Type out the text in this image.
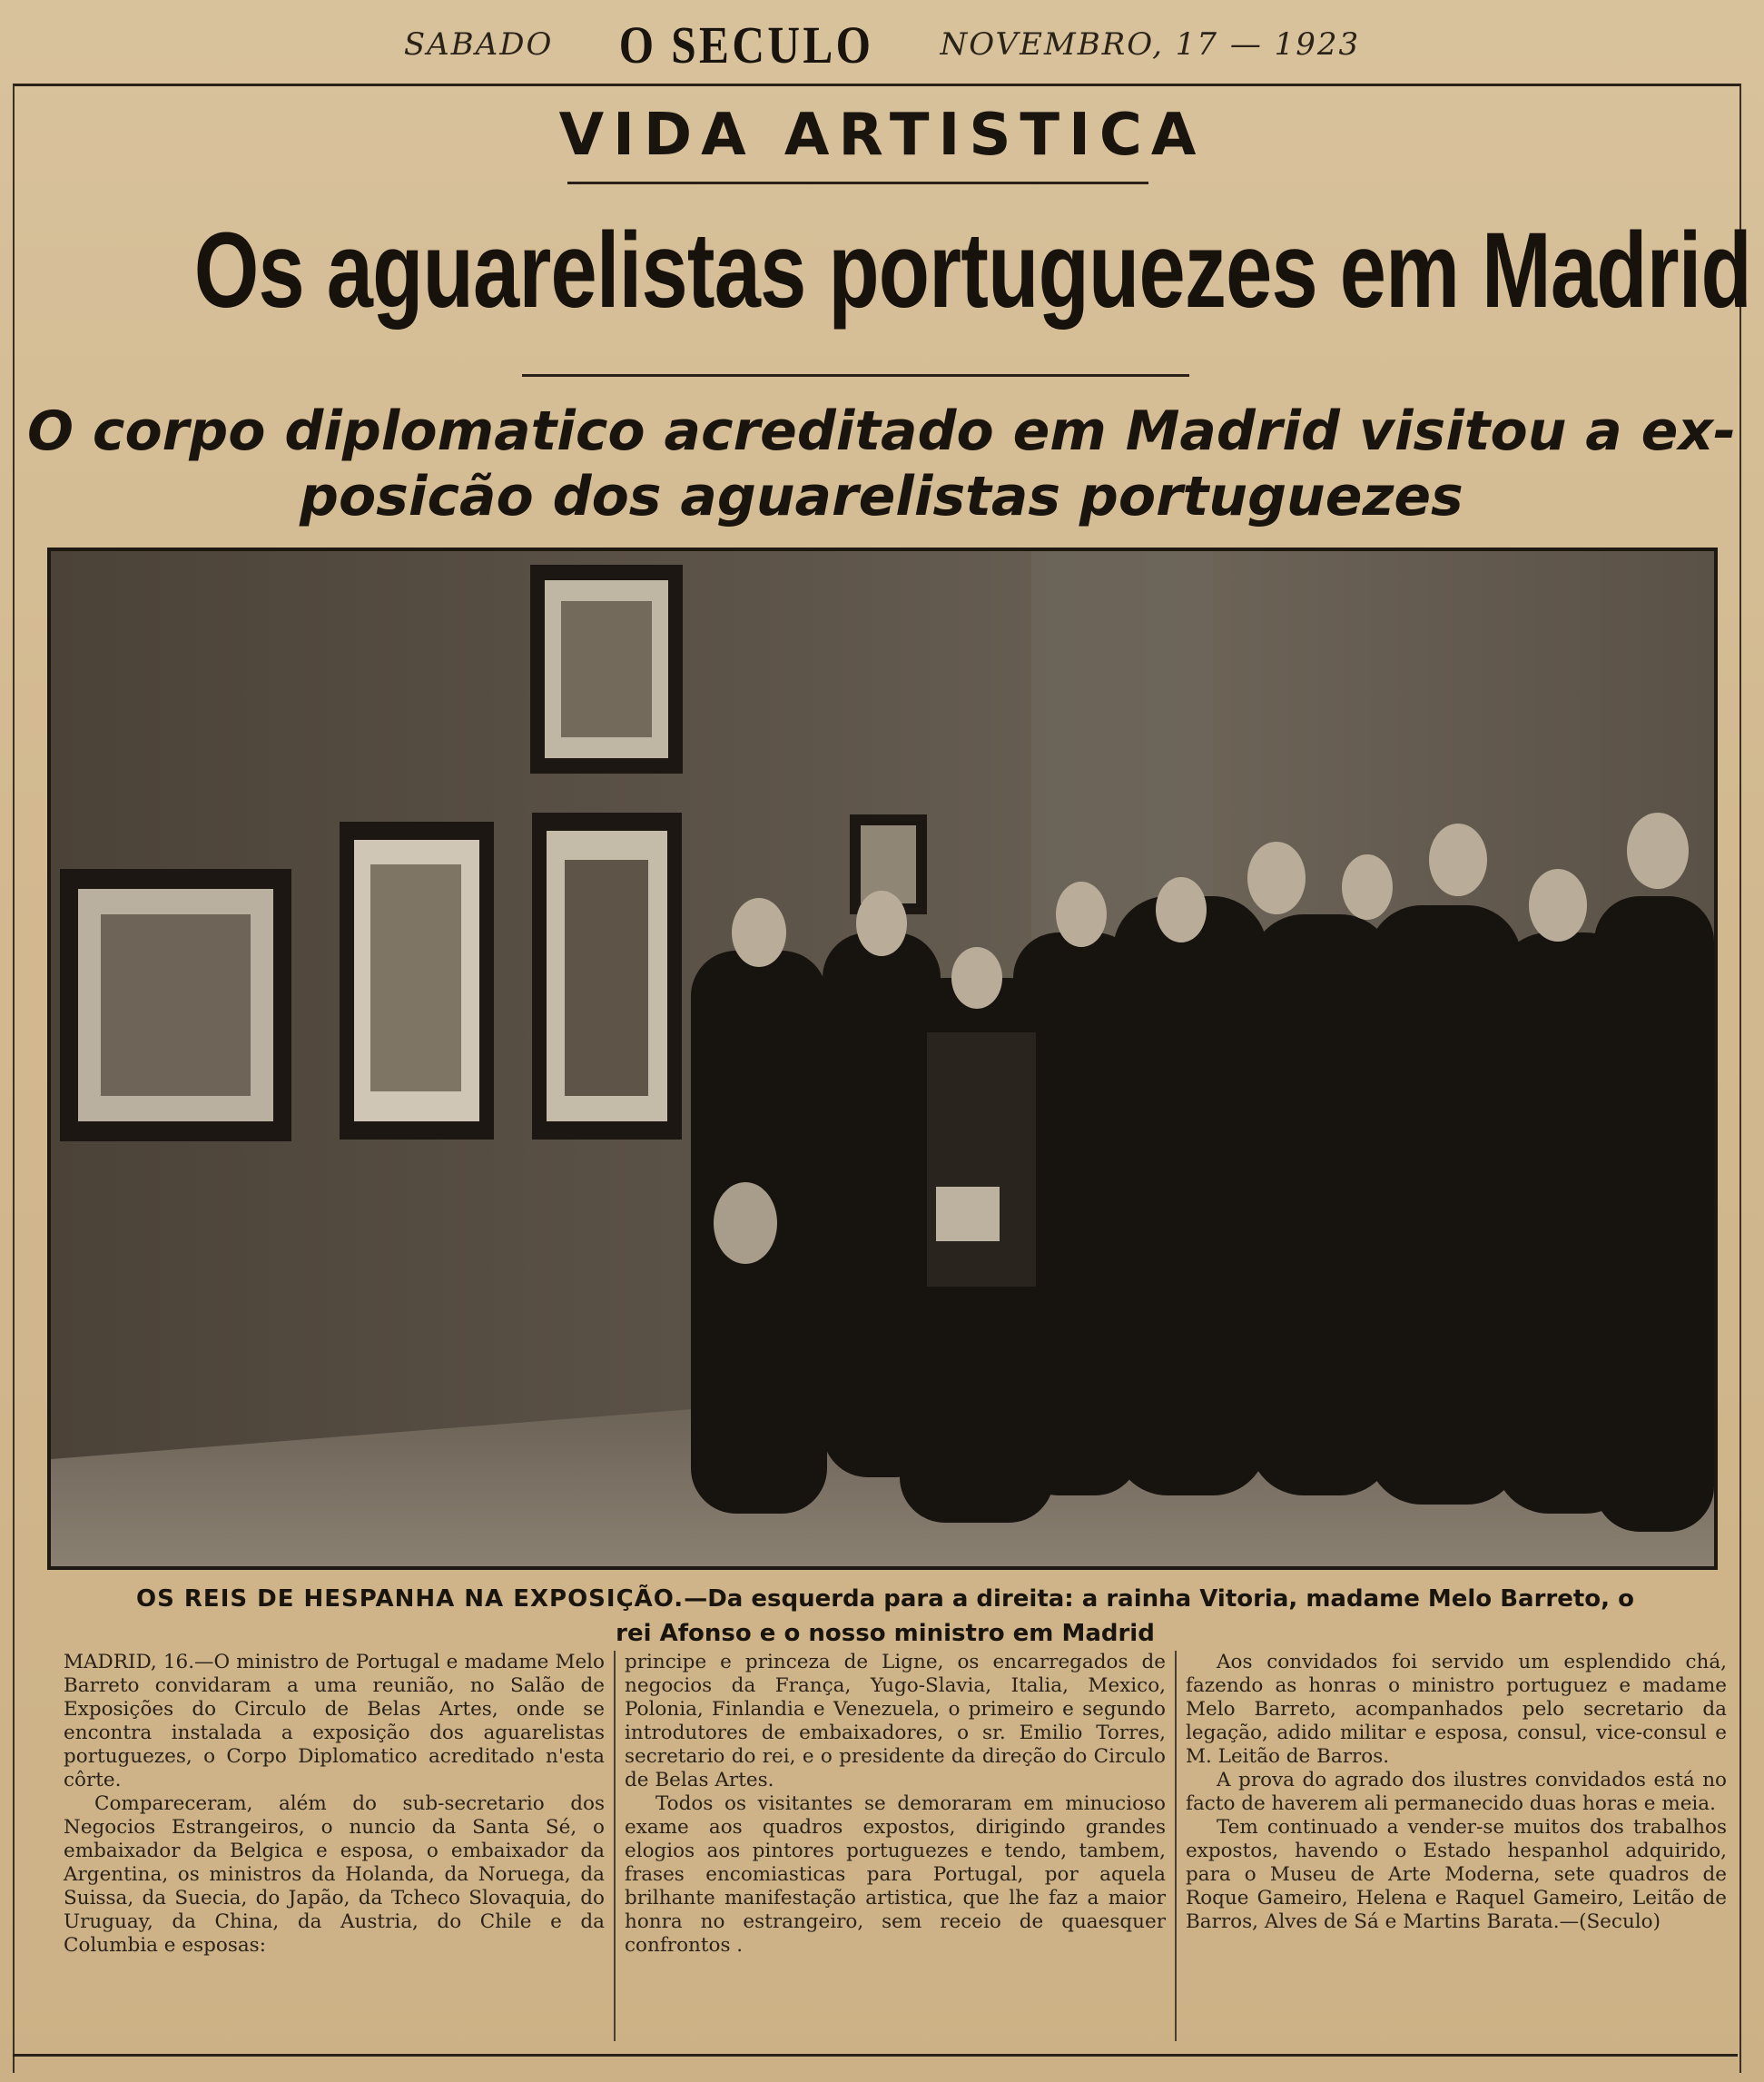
SABADO O SECULO NOVEMBRO, 17 — 1923
VIDA ARTISTICA
Os aguarelistas portuguezes em Madrid
O corpo diplomatico acreditado em Madrid visitou a ex-
posicão dos aguarelistas portuguezes
OS REIS DE HESPANHA NA EXPOSIÇÃO.—Da esquerda para a direita: a rainha Vitoria, madame Melo Barreto, o
rei Afonso e o nosso ministro em Madrid

MADRID, 16.—O ministro de Portugal e madame Melo Barreto convidaram a uma reunião, no Salão de Exposições do Circulo de Belas Artes, onde se encontra instalada a exposição dos aguarelistas portuguezes, o Corpo Diplomatico acreditado n'esta côrte.

Compareceram, além do sub-secretario dos Negocios Estrangeiros, o nuncio da Santa Sé, o embaixador da Belgica e esposa, o embaixador da Argentina, os ministros da Holanda, da Noruega, da Suissa, da Suecia, do Japão, da Tcheco Slovaquia, do Uruguay, da China, da Austria, do Chile e da Columbia e esposas:

principe e princeza de Ligne, os encarregados de negocios da França, Yugo-Slavia, Italia, Mexico, Polonia, Finlandia e Venezuela, o primeiro e segundo introdutores de embaixadores, o sr. Emilio Torres, secretario do rei, e o presidente da direção do Circulo de Belas Artes.

Todos os visitantes se demoraram em minucioso exame aos quadros expostos, dirigindo grandes elogios aos pintores portuguezes e tendo, tambem, frases encomiasticas para Portugal, por aquela brilhante manifestação artistica, que lhe faz a maior honra no estrangeiro, sem receio de quaesquer confrontos .

Aos convidados foi servido um esplendido chá, fazendo as honras o ministro portuguez e madame Melo Barreto, acompanhados pelo secretario da legação, adido militar e esposa, consul, vice-consul e M. Leitão de Barros.

A prova do agrado dos ilustres convidados está no facto de haverem ali permanecido duas horas e meia.

Tem continuado a vender-se muitos dos trabalhos expostos, havendo o Estado hespanhol adquirido, para o Museu de Arte Moderna, sete quadros de Roque Gameiro, Helena e Raquel Gameiro, Leitão de Barros, Alves de Sá e Martins Barata.—(Seculo)
